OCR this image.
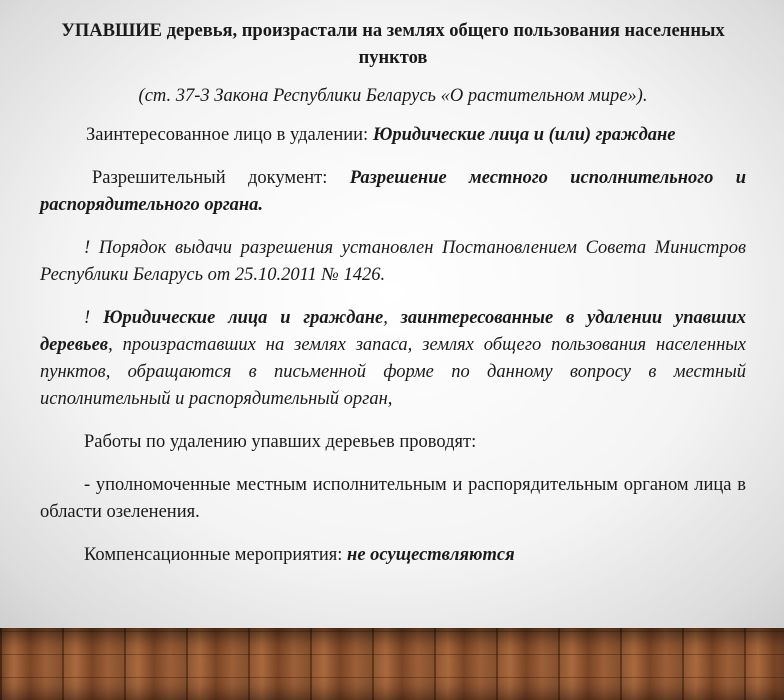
УПАВШИЕ деревья, произрастали на землях общего пользования населенных пунктов
(ст. 37-3 Закона Республики Беларусь «О растительном мире»).

Заинтересованное лицо в удалении: Юридические лица и (или) граждане

Разрешительный документ: Разрешение местного исполнительного и распорядительного органа.

! Порядок выдачи разрешения установлен Постановлением Совета Министров Республики Беларусь от 25.10.2011 № 1426.

! Юридические лица и граждане, заинтересованные в удалении упавших деревьев, произраставших на землях запаса, землях общего пользования населенных пунктов, обращаются в письменной форме по данному вопросу в местный исполнительный и распорядительный орган,

Работы по удалению упавших деревьев проводят:

- уполномоченные местным исполнительным и распорядительным органом лица в области озеленения.

Компенсационные мероприятия: не осуществляются
